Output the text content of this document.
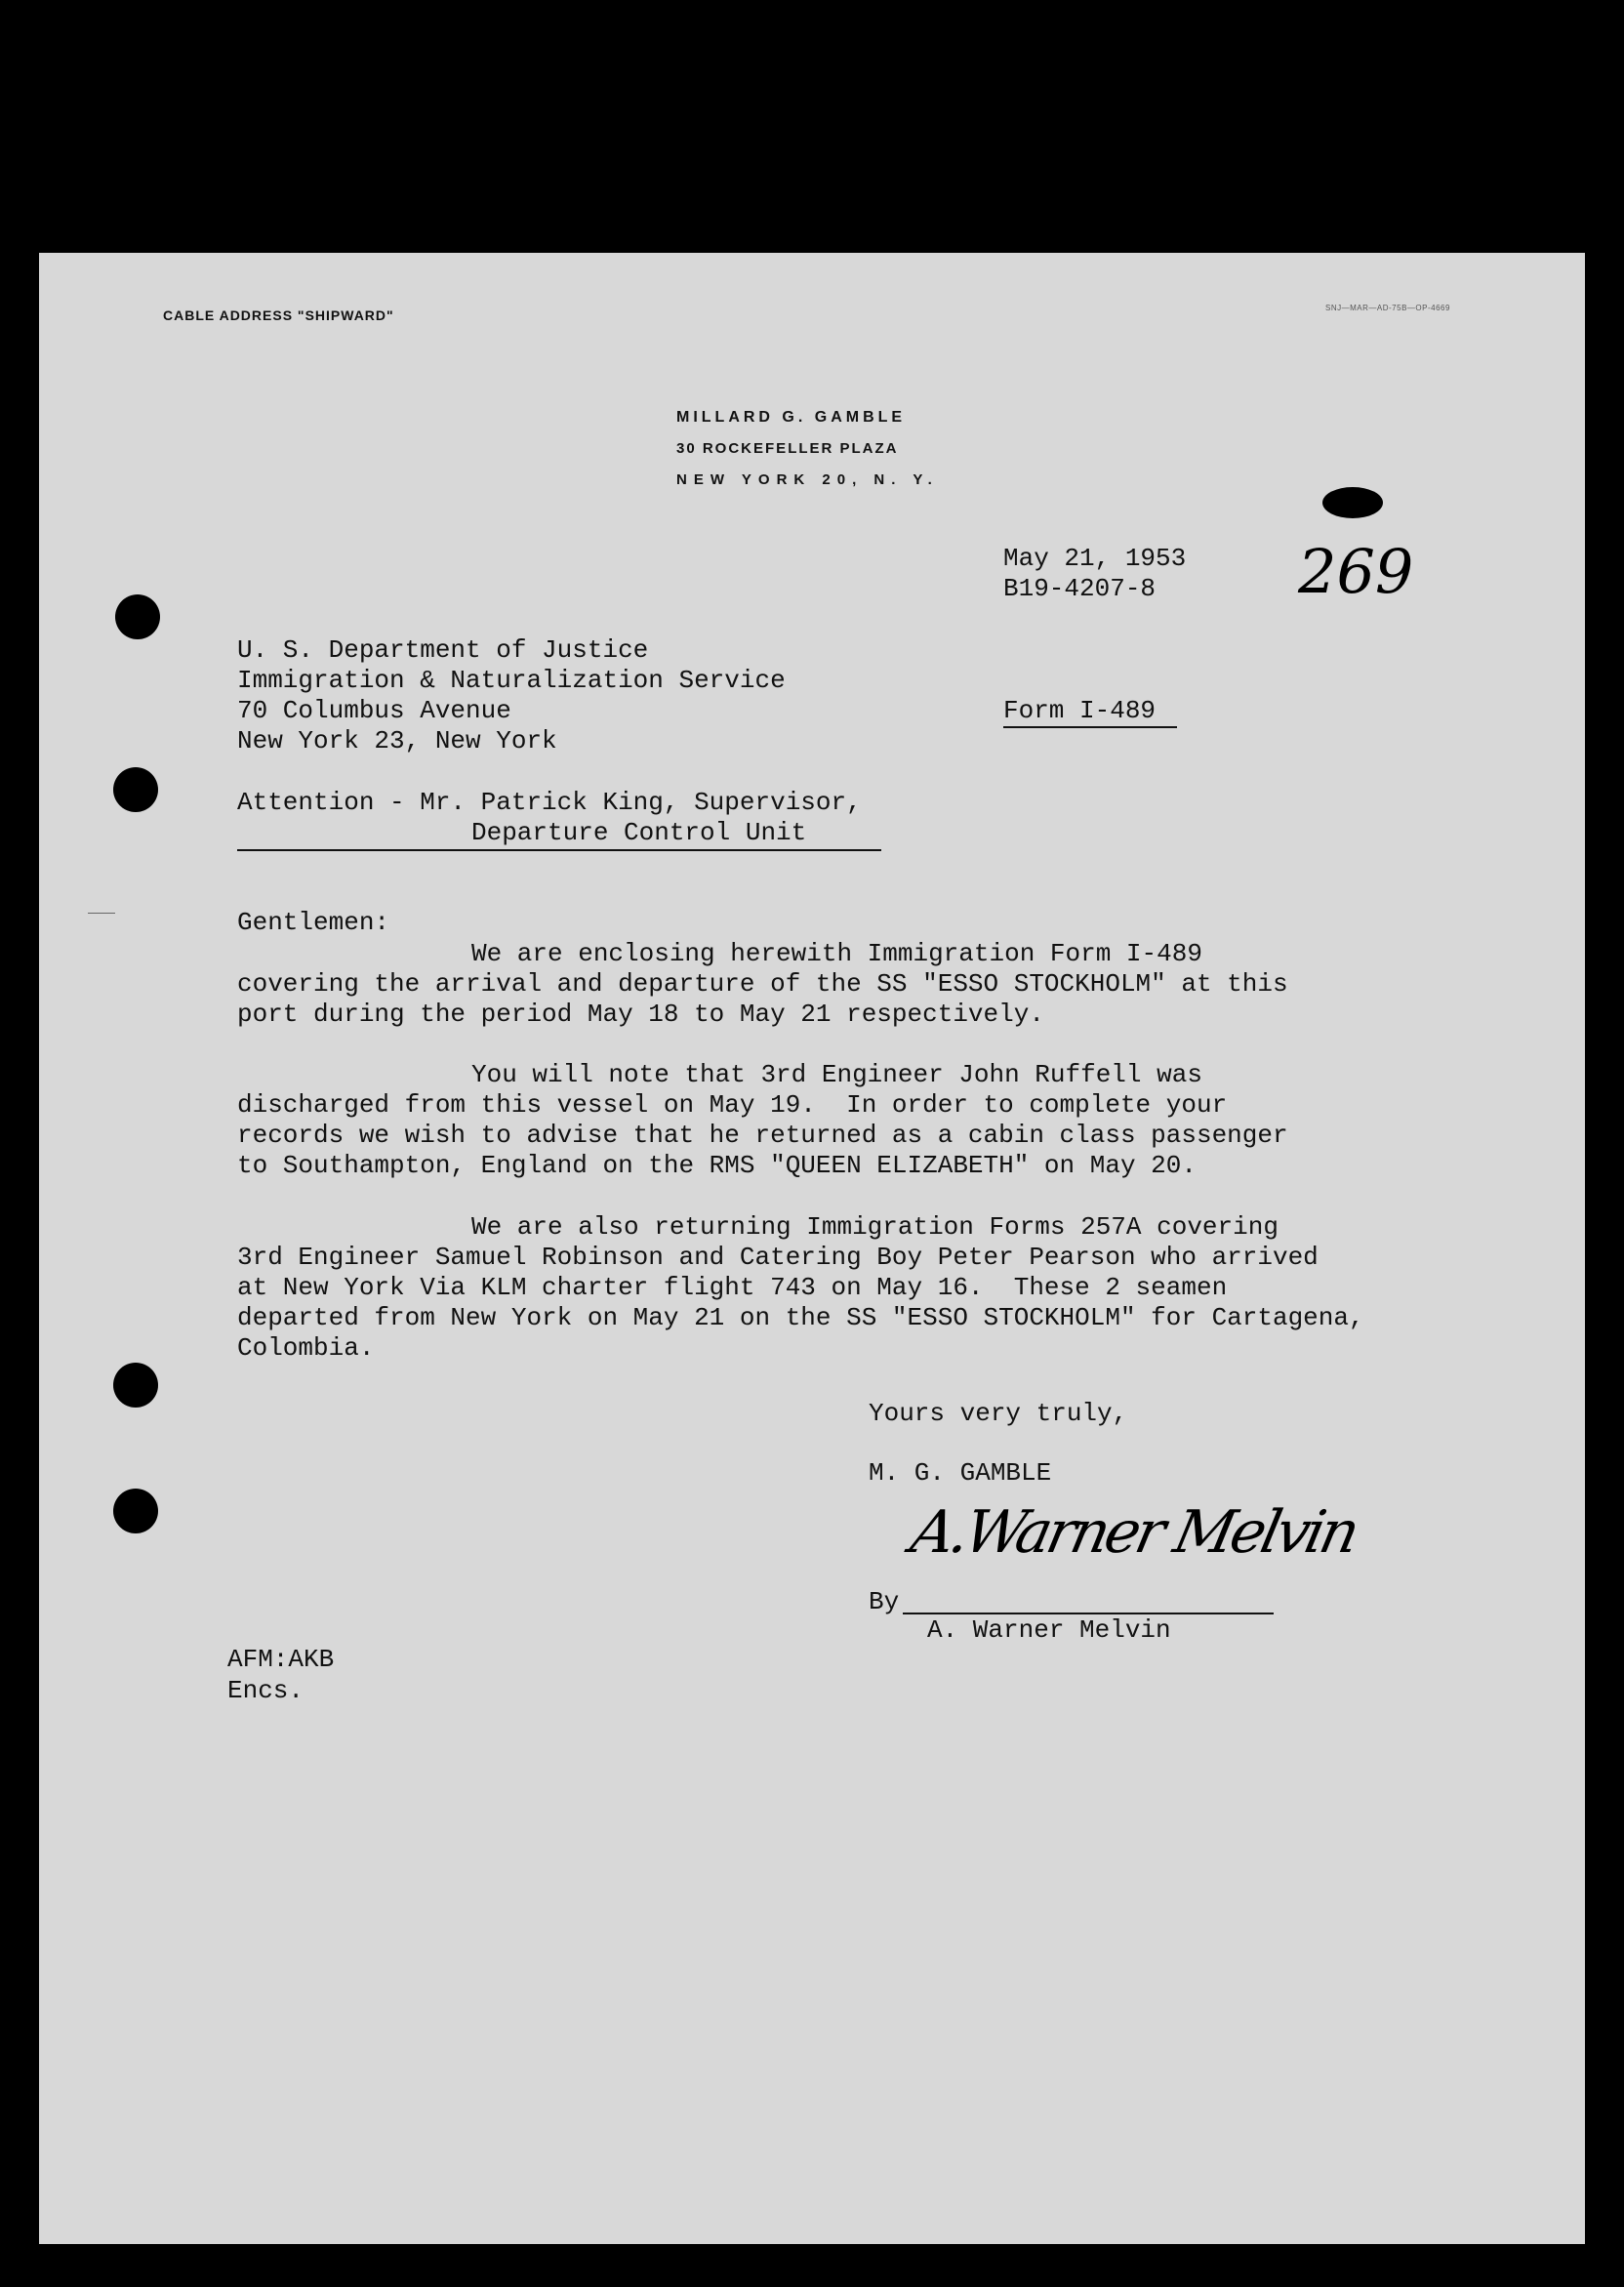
CABLE ADDRESS "SHIPWARD"	SNJ—MAR—AD-75B—OP-4669
MILLARD G. GAMBLE
30 ROCKEFELLER PLAZA
NEW YORK 20, N. Y.
May 21, 1953
B19-4207-8 269
Form I-489
U. S. Department of Justice
Immigration & Naturalization Service
70 Columbus Avenue
New York 23, New York
Attention - Mr. Patrick King, Supervisor,
Departure Control Unit
Gentlemen:
We are enclosing herewith Immigration Form I-489
covering the arrival and departure of the SS "ESSO STOCKHOLM" at this
port during the period May 18 to May 21 respectively.
You will note that 3rd Engineer John Ruffell was
discharged from this vessel on May 19.  In order to complete your
records we wish to advise that he returned as a cabin class passenger
to Southampton, England on the RMS "QUEEN ELIZABETH" on May 20.
We are also returning Immigration Forms 257A covering
3rd Engineer Samuel Robinson and Catering Boy Peter Pearson who arrived
at New York Via KLM charter flight 743 on May 16.  These 2 seamen
departed from New York on May 21 on the SS "ESSO STOCKHOLM" for Cartagena,
Colombia.
Yours very truly,
M. G. GAMBLE
By
A.Warner Melvin
A. Warner Melvin
AFM:AKB
Encs.
